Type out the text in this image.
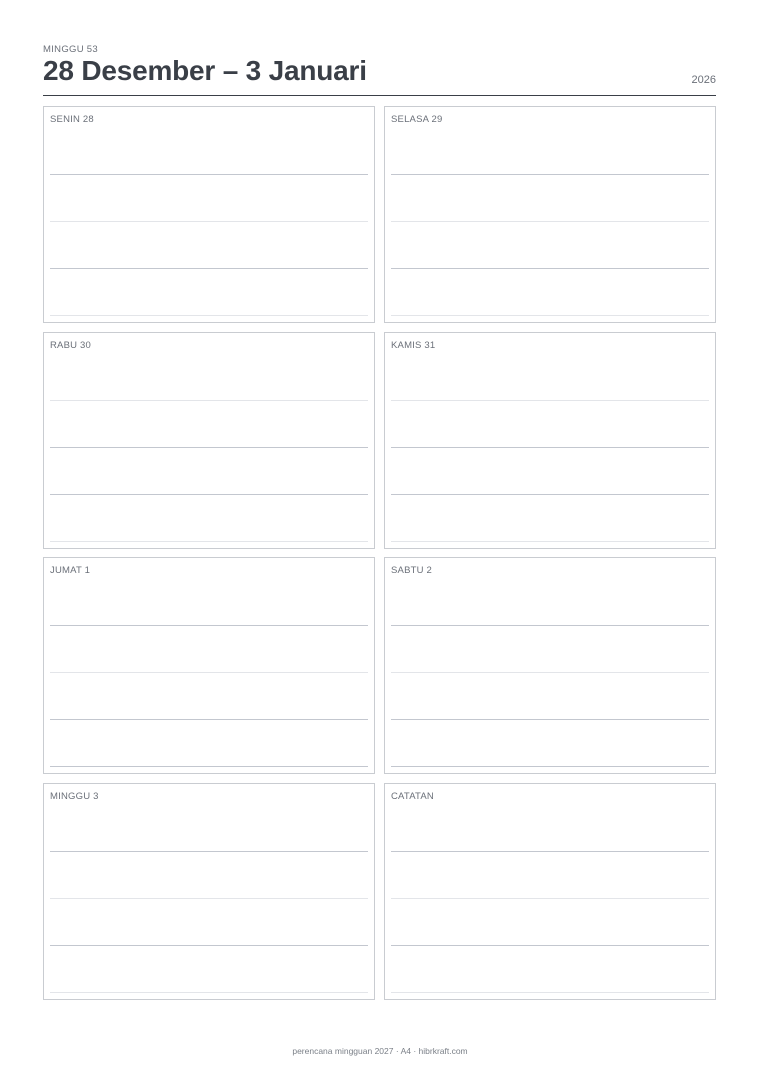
MINGGU 53
28 Desember – 3 Januari	2026
SENIN 28	SELASA 29
RABU 30	KAMIS 31
JUMAT 1	SABTU 2
MINGGU 3	CATATAN
perencana mingguan 2027 · A4 · hibrkraft.com
